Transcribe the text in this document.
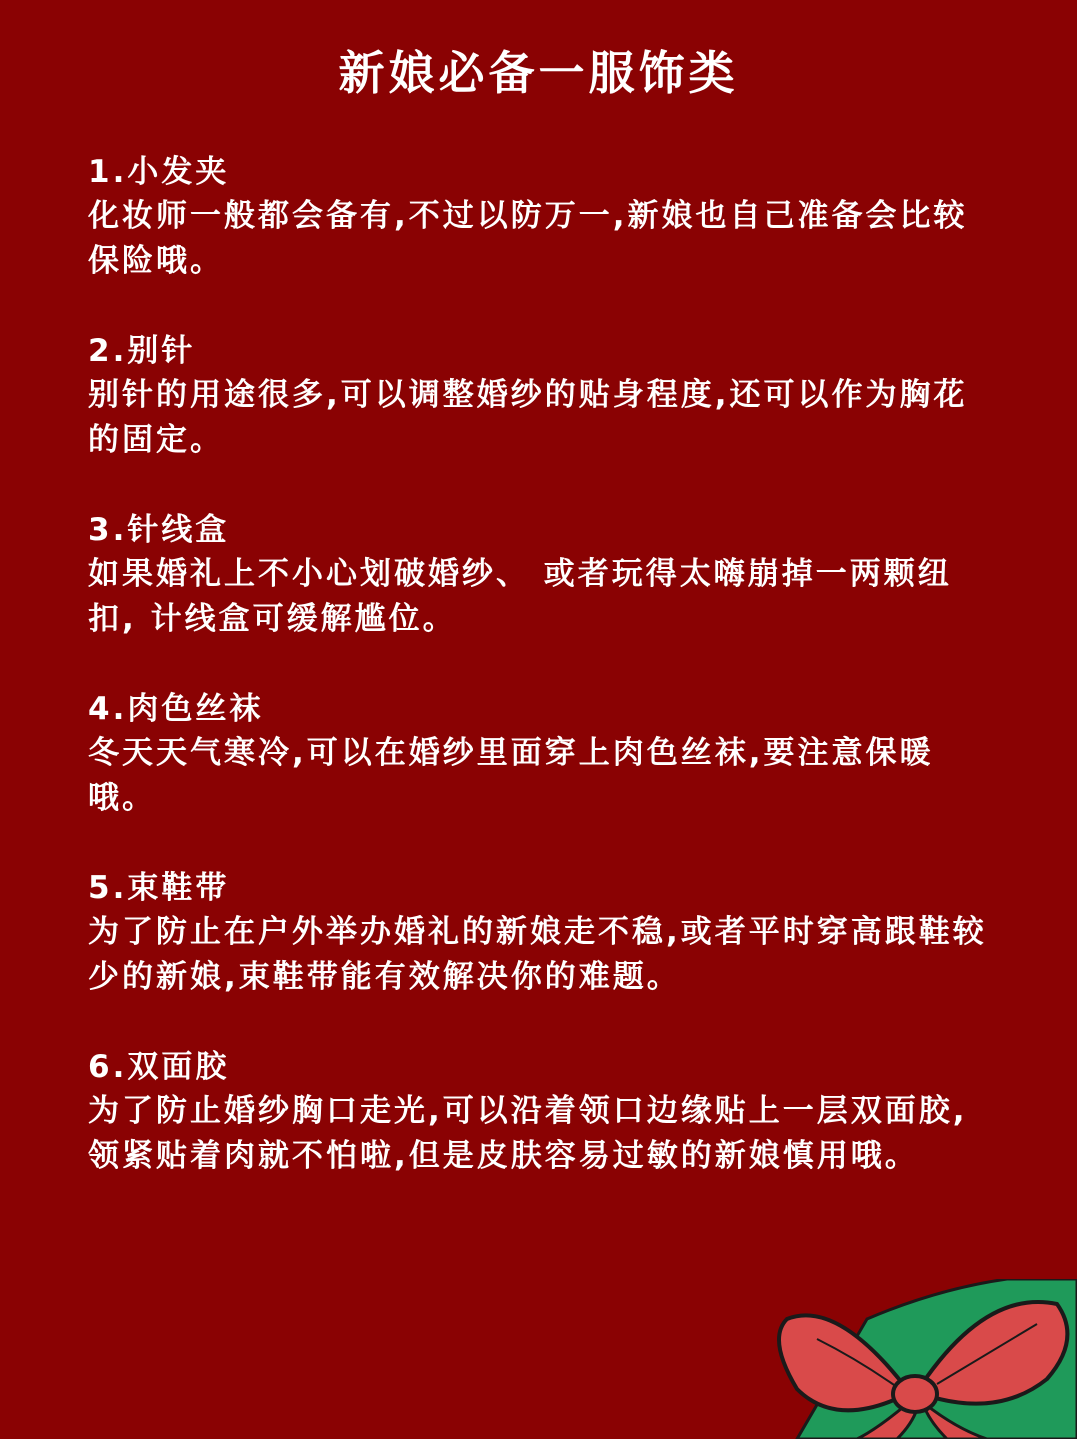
新娘必备一服饰类
1.小发夹
化妆师一般都会备有,不过以防万一,新娘也自己准备会比较保险哦。
2.别针
别针的用途很多,可以调整婚纱的贴身程度,还可以作为胸花的固定。
3.针线盒
如果婚礼上不小心划破婚纱、 或者玩得太嗨崩掉一两颗纽扣, 计线盒可缓解尴位。
4.肉色丝袜
冬天天气寒冷,可以在婚纱里面穿上肉色丝袜,要注意保暖哦。
5.束鞋带
为了防止在户外举办婚礼的新娘走不稳,或者平时穿高跟鞋较少的新娘,束鞋带能有效解决你的难题。
6.双面胶
为了防止婚纱胸口走光,可以沿着领口边缘贴上一层双面胶, 领紧贴着肉就不怕啦,但是皮肤容易过敏的新娘慎用哦。
